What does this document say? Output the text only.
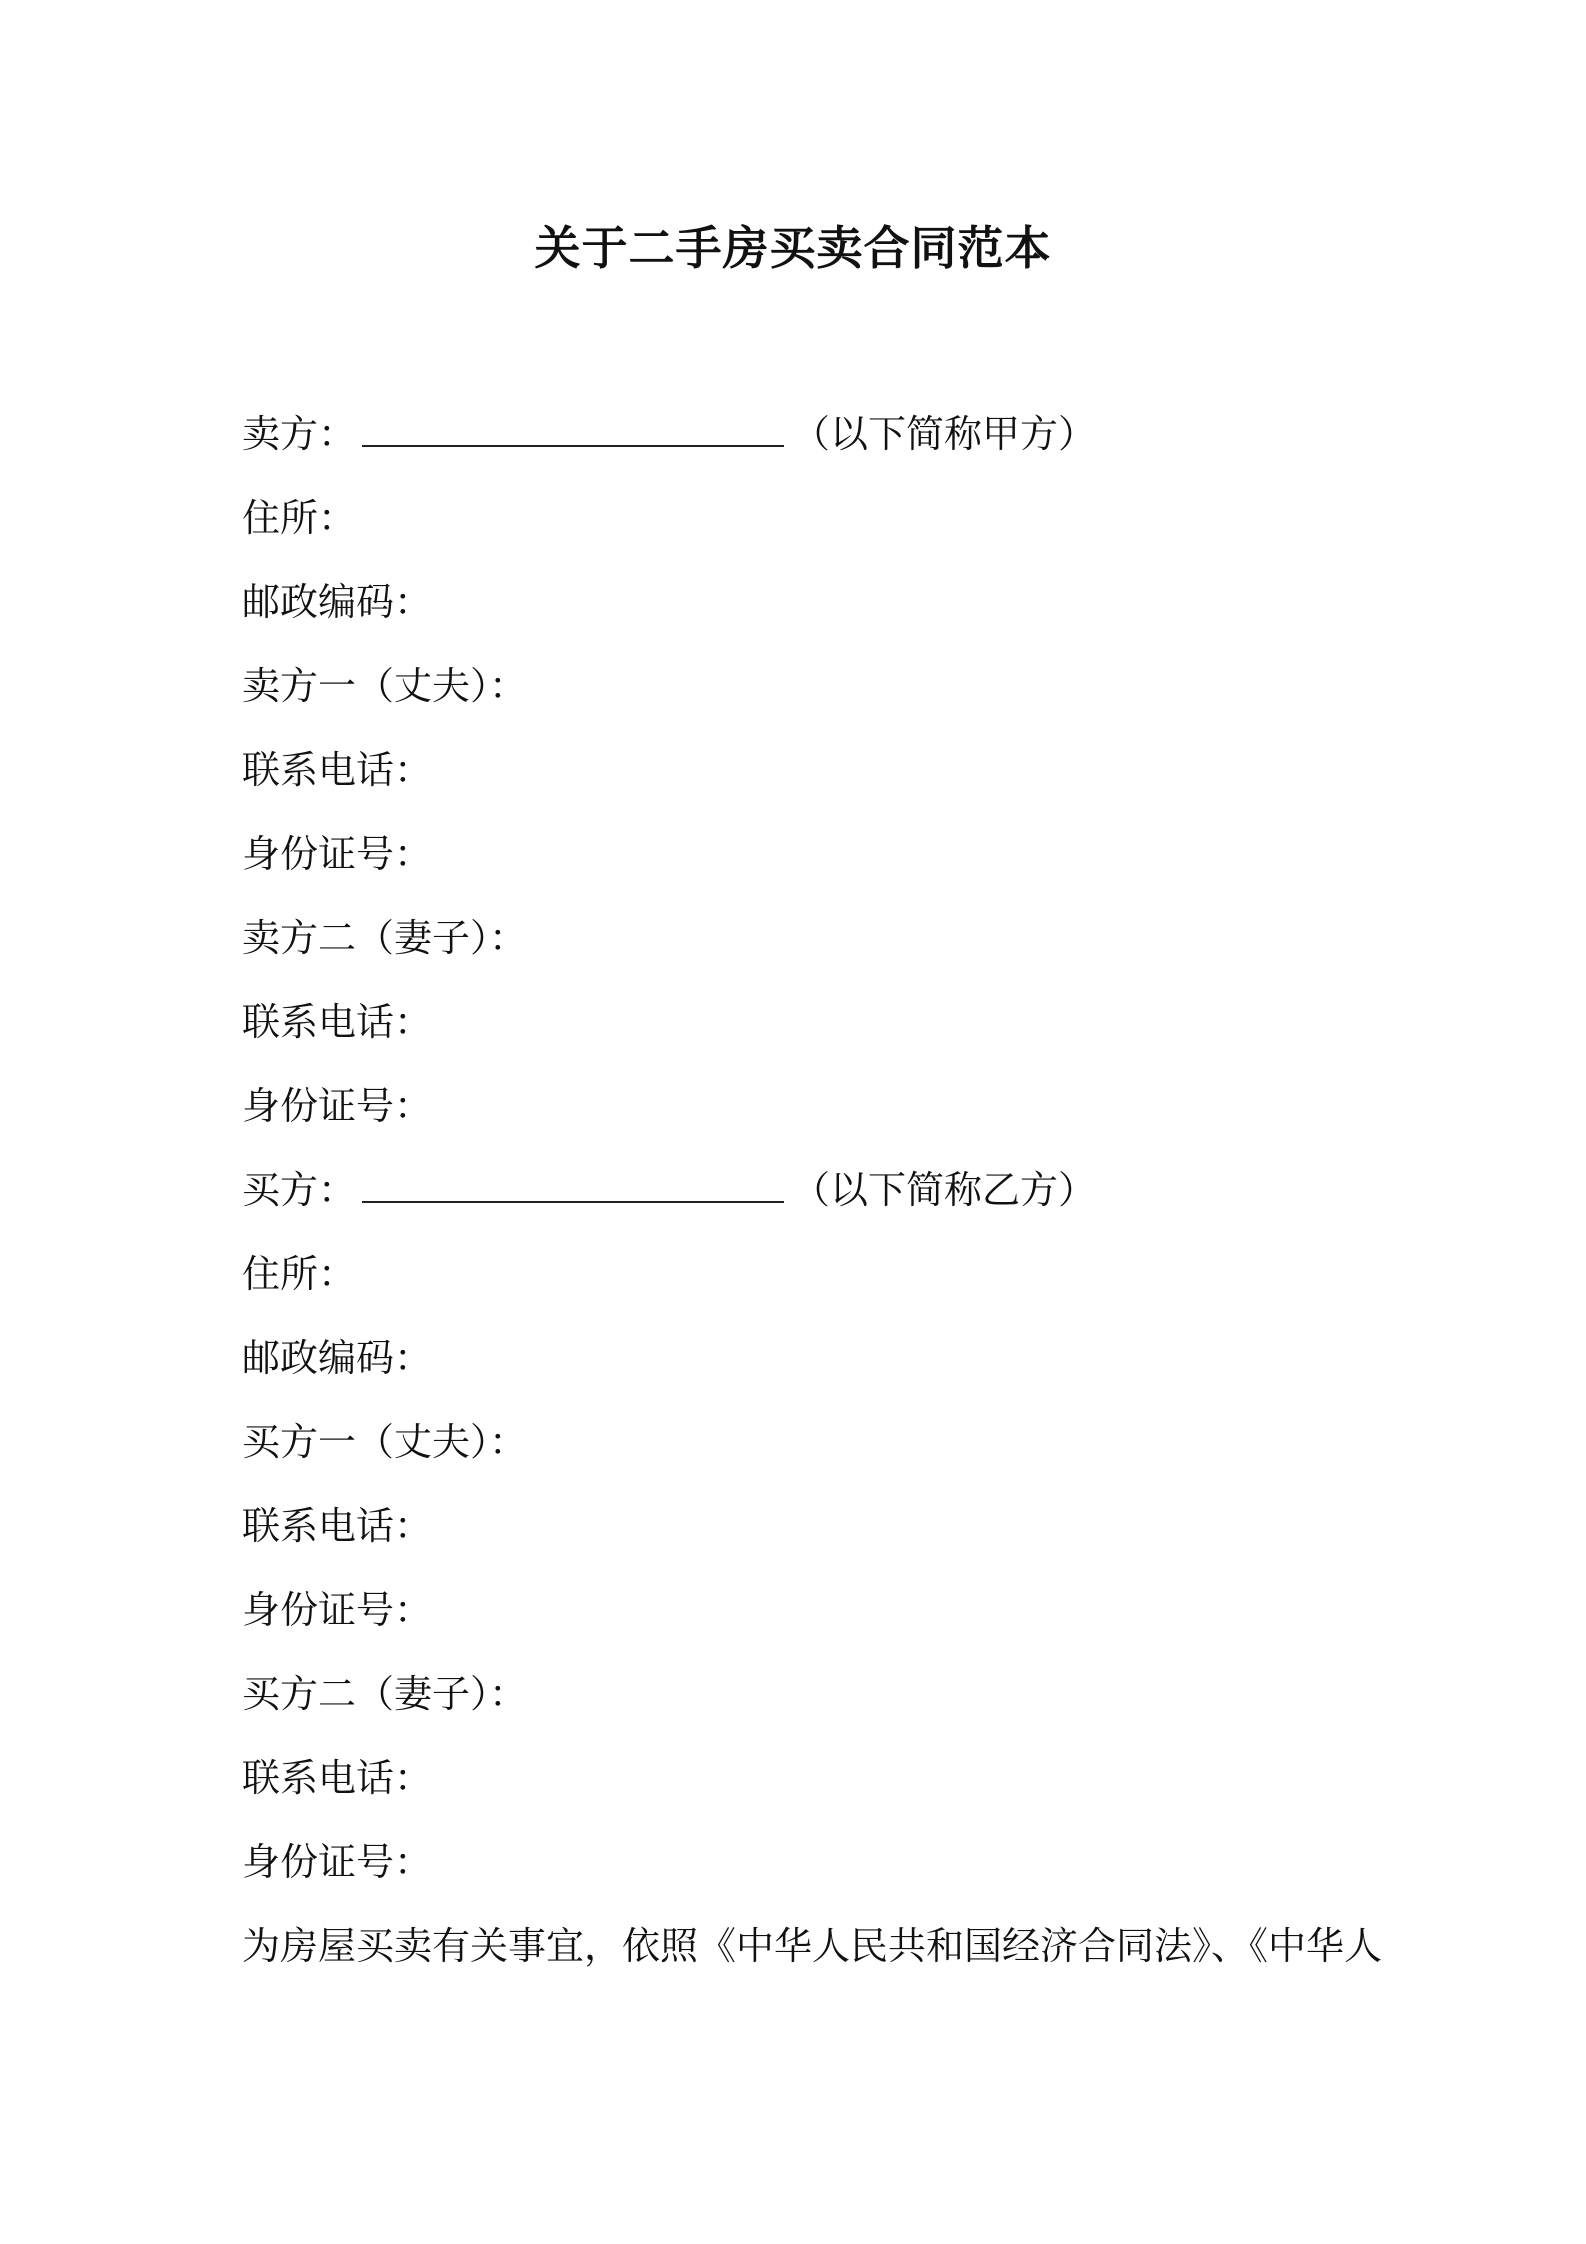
关于二手房买卖合同范本
卖方：	（以下简称甲方）
住所：
邮政编码：
卖方一（丈夫）：
联系电话：
身份证号：
卖方二（妻子）：
联系电话：
身份证号：
买方：	（以下简称乙方）
住所：
邮政编码：
买方一（丈夫）：
联系电话：
身份证号：
买方二（妻子）：
联系电话：
身份证号：
为房屋买卖有关事宜，依照《中华人民共和国经济合同法》、《中华人
